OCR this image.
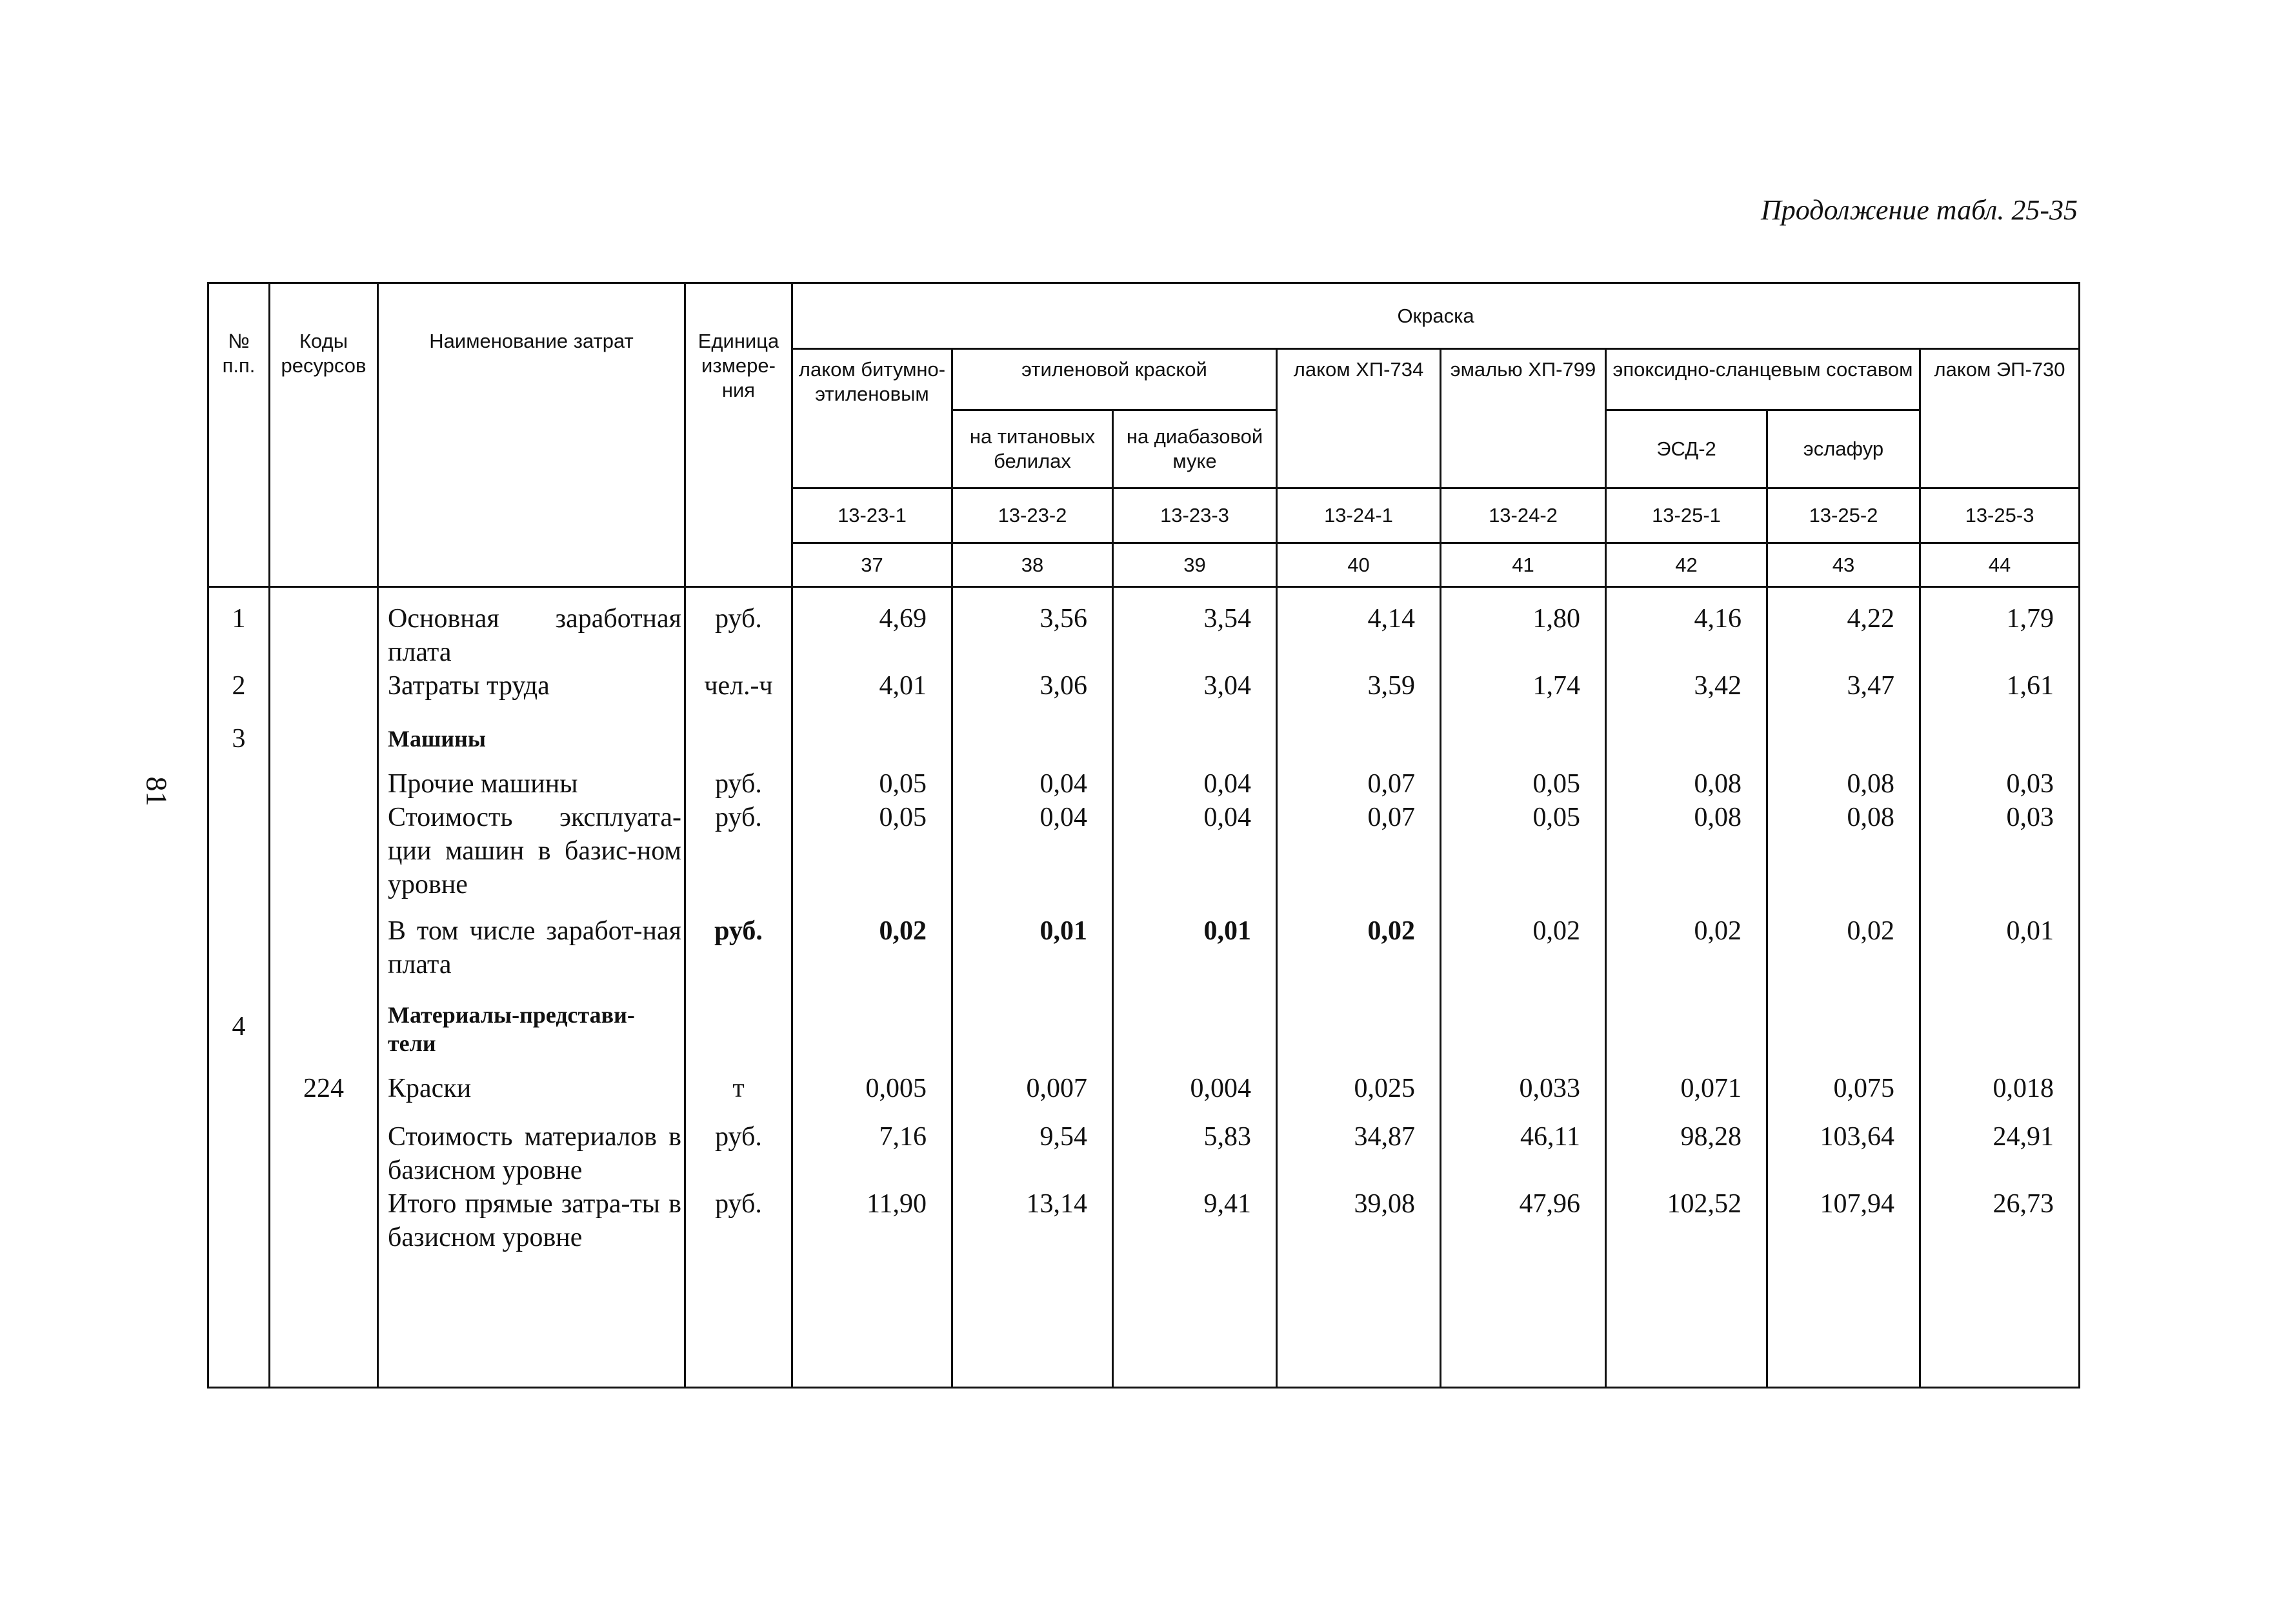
Продолжение табл. 25-35
81
№ п.п.	Коды ресурсов	Наименование затрат	Единица измере-ния	Окраска							
				лаком битумно-этиленовым	этиленовой краской		лаком ХП-734	эмалью ХП-799	эпоксидно-сланцевым составом		лаком ЭП-730
					на титановых белилах	на диабазовой муке			ЭСД-2	эслафур	
				13-23-1	13-23-2	13-23-3	13-24-1	13-24-2	13-25-1	13-25-2	13-25-3
				37	38	39	40	41	42	43	44
1		Основная заработная плата	руб.	4,69	3,56	3,54	4,14	1,80	4,16	4,22	1,79
2		Затраты труда	чел.-ч	4,01	3,06	3,04	3,59	1,74	3,42	3,47	1,61
3		Машины									
		Прочие машины	руб.	0,05	0,04	0,04	0,07	0,05	0,08	0,08	0,03
		Стоимость эксплуата-ции машин в базис-ном уровне	руб.	0,05	0,04	0,04	0,07	0,05	0,08	0,08	0,03
		В том числе заработ-ная плата	руб.	0,02	0,01	0,01	0,02	0,02	0,02	0,02	0,01
4		Материалы-представи-тели									
	224	Краски	т	0,005	0,007	0,004	0,025	0,033	0,071	0,075	0,018
		Стоимость материалов в базисном уровне	руб.	7,16	9,54	5,83	34,87	46,11	98,28	103,64	24,91
		Итого прямые затра-ты в базисном уровне	руб.	11,90	13,14	9,41	39,08	47,96	102,52	107,94	26,73
